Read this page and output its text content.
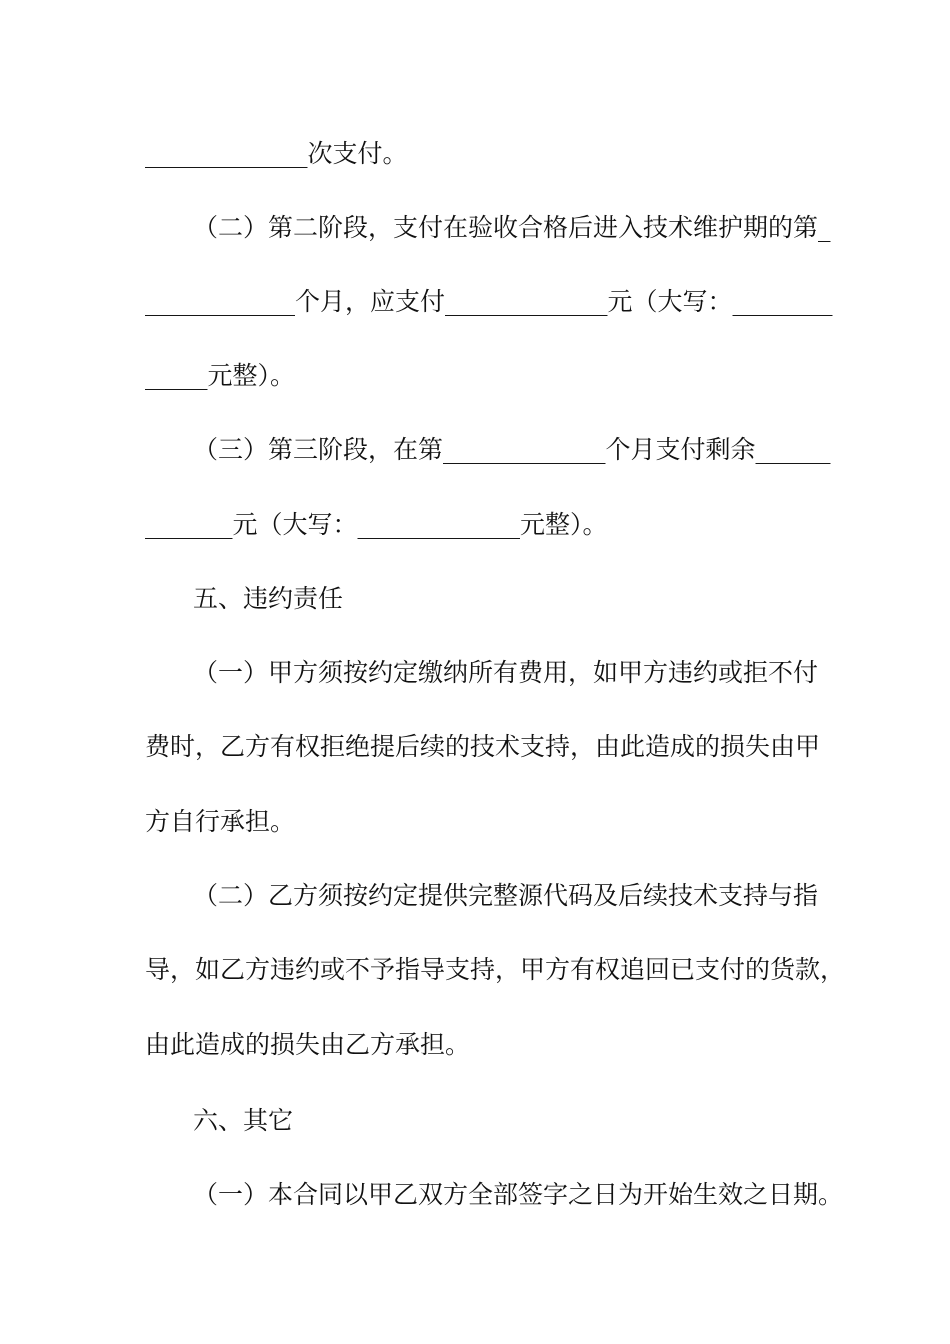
_____________次支付。
（二）第二阶段，支付在验收合格后进入技术维护期的第_
____________个月，应支付_____________元（大写：________
_____元整）。
（三）第三阶段，在第_____________个月支付剩余______
_______元（大写：_____________元整）。
五、违约责任
（一）甲方须按约定缴纳所有费用，如甲方违约或拒不付
费时，乙方有权拒绝提后续的技术支持，由此造成的损失由甲
方自行承担。
（二）乙方须按约定提供完整源代码及后续技术支持与指
导，如乙方违约或不予指导支持，甲方有权追回已支付的货款，
由此造成的损失由乙方承担。
六、其它
（一）本合同以甲乙双方全部签字之日为开始生效之日期。
